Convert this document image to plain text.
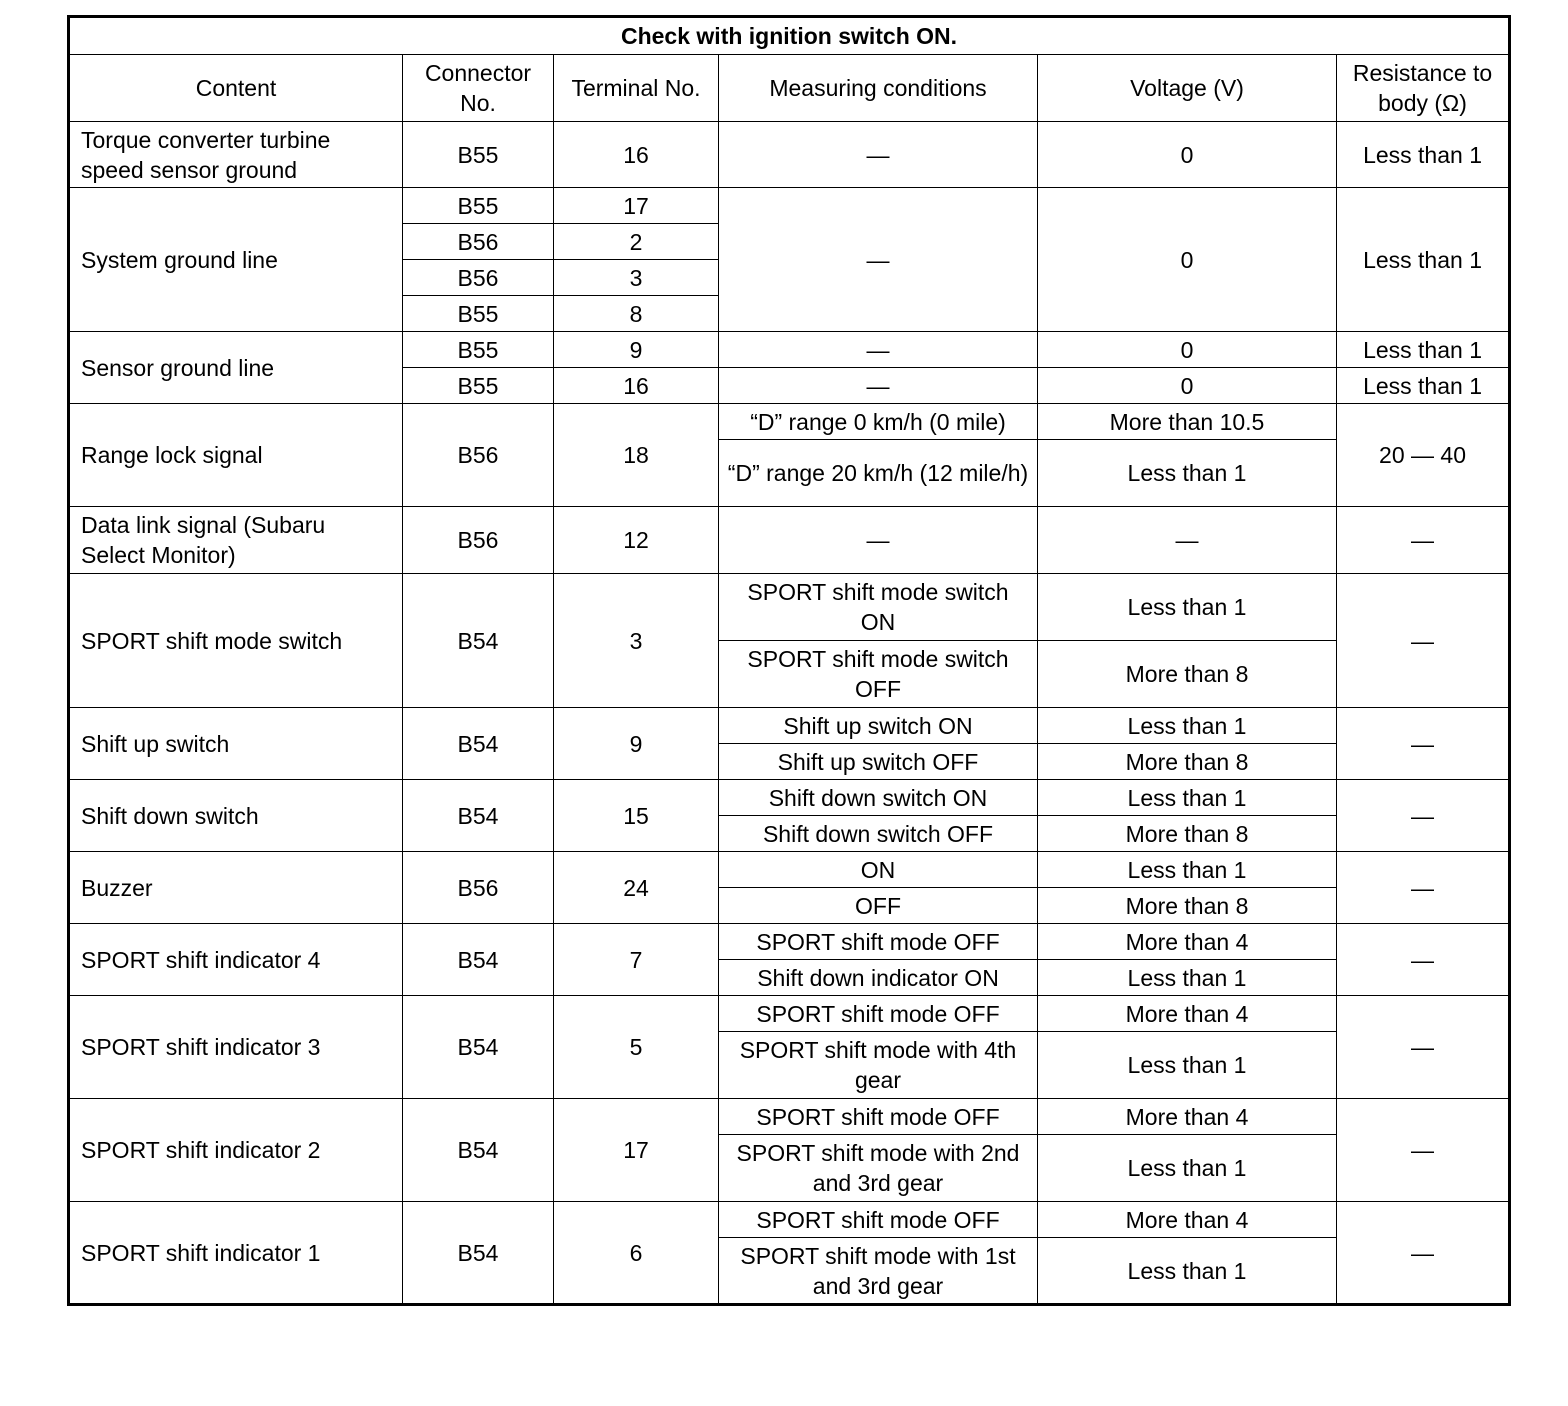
Check with ignition switch ON.					
Content	Connector No.	Terminal No.	Measuring conditions	Voltage (V)	Resistance to body (Ω)
Torque converter turbine speed sensor ground	B55	16	—	0	Less than 1
System ground line	B55	17	—	0	Less than 1
	B56	2			
	B56	3			
	B55	8			
Sensor ground line	B55	9	—	0	Less than 1
	B55	16	—	0	Less than 1
Range lock signal	B56	18	“D” range 0 km/h (0 mile)	More than 10.5	20 — 40
			“D” range 20 km/h (12 mile/h)	Less than 1	
Data link signal (Subaru Select Monitor)	B56	12	—	—	—
SPORT shift mode switch	B54	3	SPORT shift mode switch ON	Less than 1	—
			SPORT shift mode switch OFF	More than 8	
Shift up switch	B54	9	Shift up switch ON	Less than 1	—
			Shift up switch OFF	More than 8	
Shift down switch	B54	15	Shift down switch ON	Less than 1	—
			Shift down switch OFF	More than 8	
Buzzer	B56	24	ON	Less than 1	—
			OFF	More than 8	
SPORT shift indicator 4	B54	7	SPORT shift mode OFF	More than 4	—
			Shift down indicator ON	Less than 1	
SPORT shift indicator 3	B54	5	SPORT shift mode OFF	More than 4	—
			SPORT shift mode with 4th gear	Less than 1	
SPORT shift indicator 2	B54	17	SPORT shift mode OFF	More than 4	—
			SPORT shift mode with 2nd and 3rd gear	Less than 1	
SPORT shift indicator 1	B54	6	SPORT shift mode OFF	More than 4	—
			SPORT shift mode with 1st and 3rd gear	Less than 1	
